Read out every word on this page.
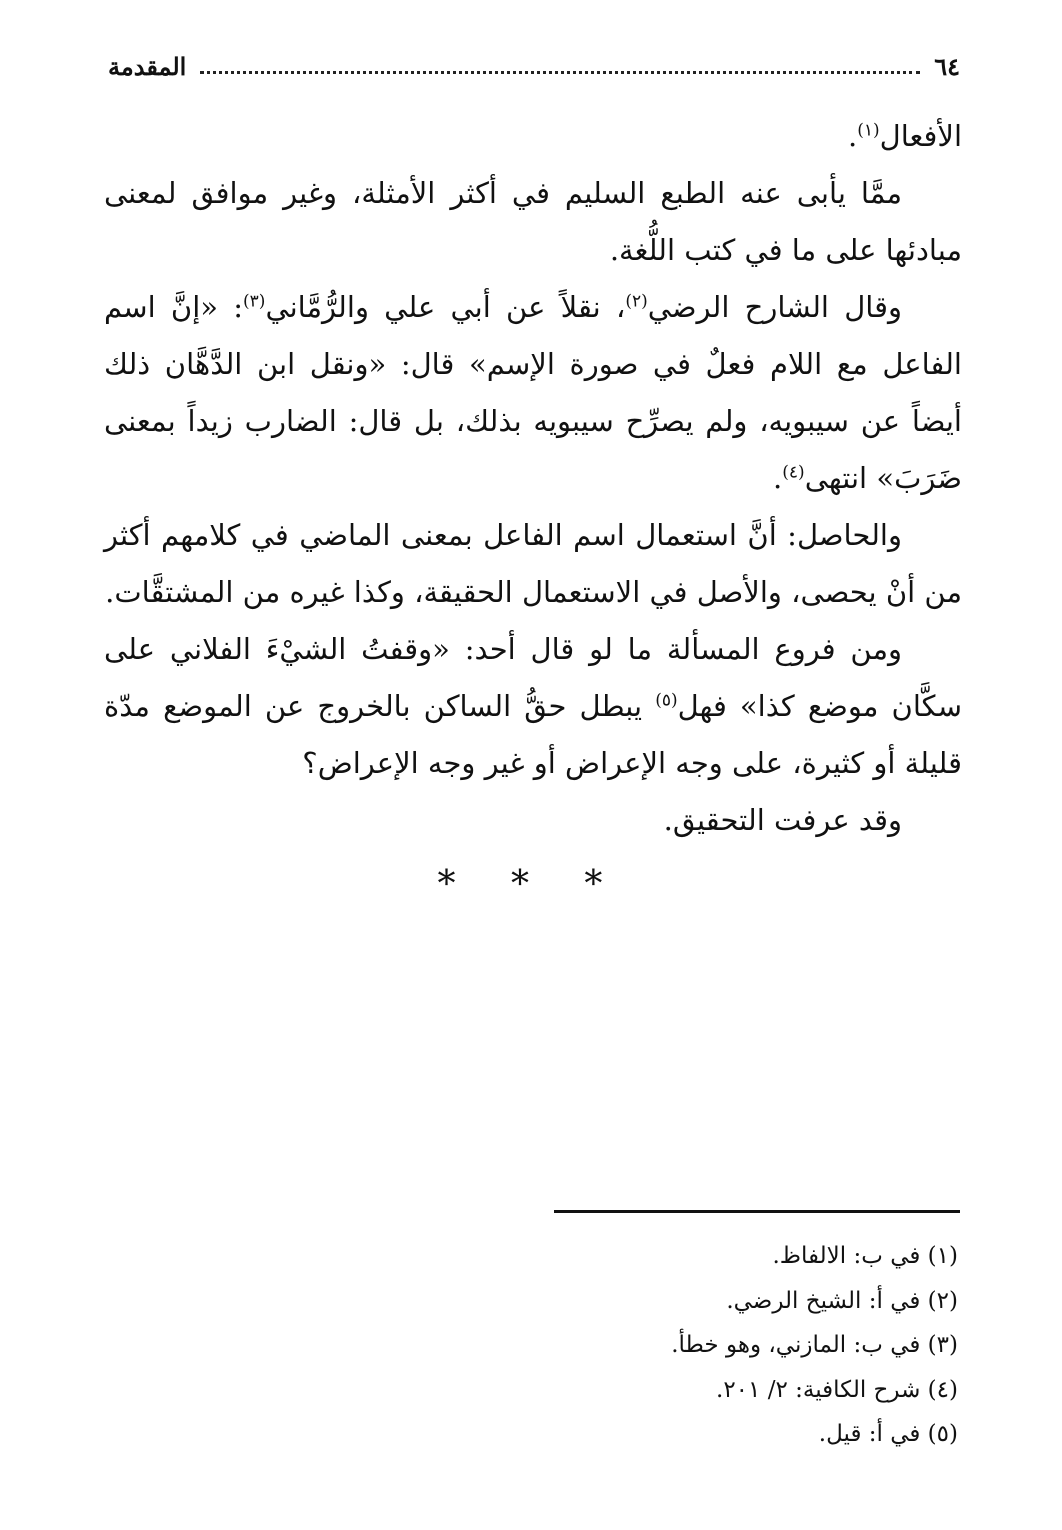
٦٤
المقدمة

الأفعال$^{(١)}$.

ممَّا يأبى عنه الطبع السليم في أكثر الأمثلة، وغير موافق لمعنى مبادئها على ما في كتب اللُّغة.

وقال الشارح الرضي$^{(٢)}$، نقلاً عن أبي علي والرُّمَّاني$^{(٣)}$: «إنَّ اسم الفاعل مع اللام فعلٌ في صورة الإسم» قال: «ونقل ابن الدَّهَّان ذلك أيضاً عن سيبويه، ولم يصرِّح سيبويه بذلك، بل قال: الضارب زيداً بمعنى ضَرَبَ» انتهى$^{(٤)}$.

والحاصل: أنَّ استعمال اسم الفاعل بمعنى الماضي في كلامهم أكثر من أنْ يحصى، والأصل في الاستعمال الحقيقة، وكذا غيره من المشتقَّات.

ومن فروع المسألة ما لو قال أحد: «وقفتُ الشيْءَ الفلاني على سكَّان موضع كذا» فهل$^{(٥)}$ يبطل حقُّ الساكن بالخروج عن الموضع مدّة قليلة أو كثيرة، على وجه الإعراض أو غير وجه الإعراض؟

وقد عرفت التحقيق.

* * *
(١) في ب: الالفاظ.
(٢) في أ: الشيخ الرضي.
(٣) في ب: المازني، وهو خطأ.
(٤) شرح الكافية: ٢/ ٢٠١.
(٥) في أ: قيل.
